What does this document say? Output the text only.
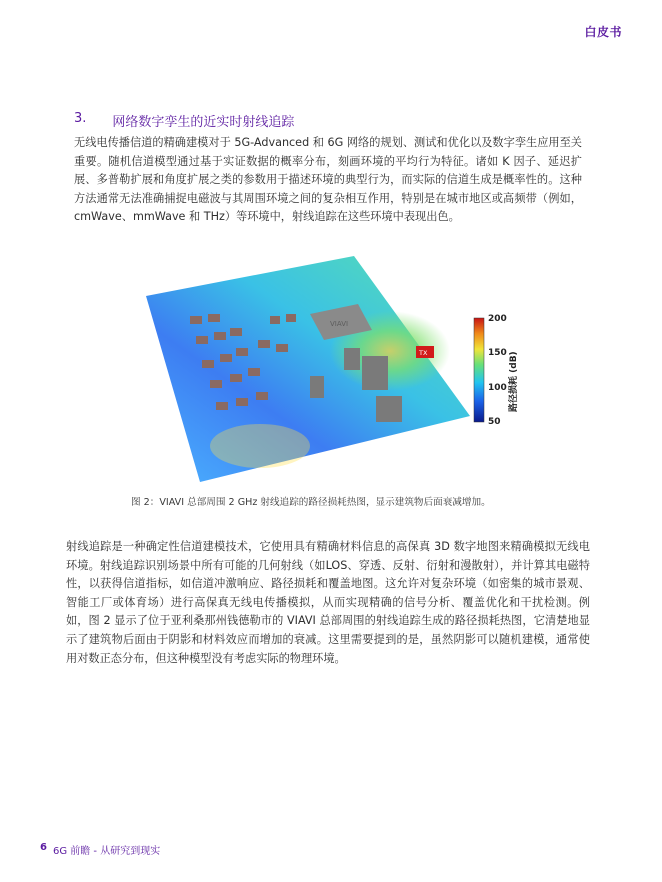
白皮书
3. 网络数字孪生的近实时射线追踪

无线电传播信道的精确建模对于 5G-Advanced 和 6G 网络的规划、测试和优化以及数字孪生应用至关重要。随机信道模型通过基于实证数据的概率分布，刻画环境的平均行为特征。诸如 K 因子、延迟扩展、多普勒扩展和角度扩展之类的参数用于描述环境的典型行为，而实际的信道生成是概率性的。这种方法通常无法准确捕捉电磁波与其周围环境之间的复杂相互作用，特别是在城市地区或高频带（例如，cmWave、mmWave 和 THz）等环境中，射线追踪在这些环境中表现出色。

VIAVI
TX
200
150
100
50
路径损耗 (dB)
图 2：VIAVI 总部周围 2 GHz 射线追踪的路径损耗热图，显示建筑物后面衰减增加。

射线追踪是一种确定性信道建模技术，它使用具有精确材料信息的高保真 3D 数字地图来精确模拟无线电环境。射线追踪识别场景中所有可能的几何射线（如LOS、穿透、反射、衍射和漫散射），并计算其电磁特性，以获得信道指标，如信道冲激响应、路径损耗和覆盖地图。这允许对复杂环境（如密集的城市景观、智能工厂或体育场）进行高保真无线电传播模拟，从而实现精确的信号分析、覆盖优化和干扰检测。例如，图 2 显示了位于亚利桑那州钱德勒市的 VIAVI 总部周围的射线追踪生成的路径损耗热图，它清楚地显示了建筑物后面由于阴影和材料效应而增加的衰减。这里需要提到的是，虽然阴影可以随机建模，通常使用对数正态分布，但这种模型没有考虑实际的物理环境。

6 6G 前瞻 - 从研究到现实
